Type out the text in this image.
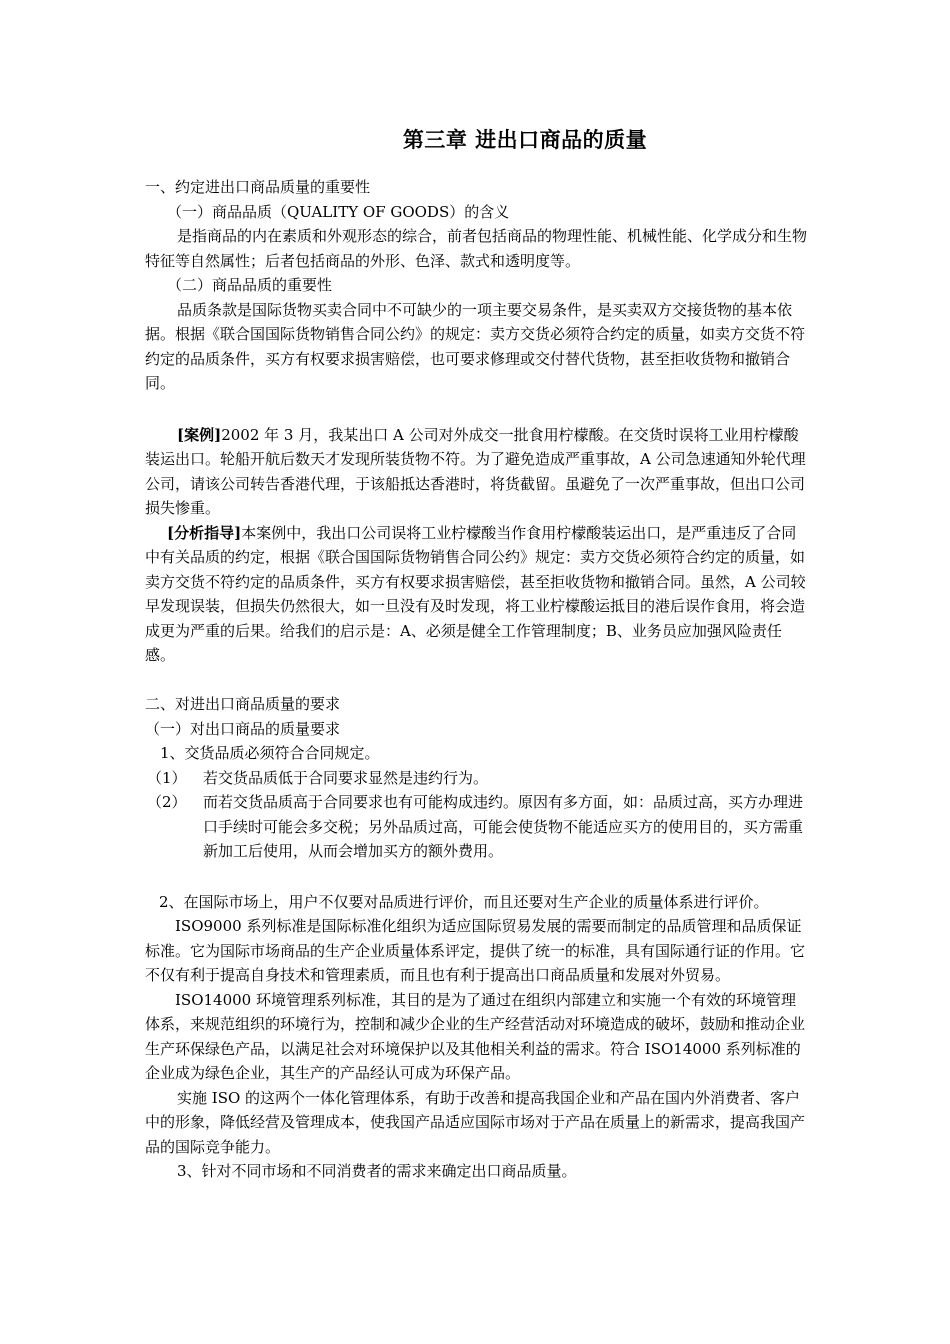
第三章 进出口商品的质量

一、约定进出口商品质量的重要性

（一）商品品质（QUALITY OF GOODS）的含义

是指商品的内在素质和外观形态的综合，前者包括商品的物理性能、机械性能、化学成分和生物特征等自然属性；后者包括商品的外形、色泽、款式和透明度等。

（二）商品品质的重要性

品质条款是国际货物买卖合同中不可缺少的一项主要交易条件，是买卖双方交接货物的基本依据。根据《联合国国际货物销售合同公约》的规定：卖方交货必须符合约定的质量，如卖方交货不符约定的品质条件，买方有权要求损害赔偿，也可要求修理或交付替代货物，甚至拒收货物和撤销合同。

[案例]2002 年 3 月，我某出口 A 公司对外成交一批食用柠檬酸。在交货时误将工业用柠檬酸装运出口。轮船开航后数天才发现所装货物不符。为了避免造成严重事故，A 公司急速通知外轮代理公司，请该公司转告香港代理，于该船抵达香港时，将货截留。虽避免了一次严重事故，但出口公司损失惨重。

[分析指导]本案例中，我出口公司误将工业柠檬酸当作食用柠檬酸装运出口，是严重违反了合同中有关品质的约定，根据《联合国国际货物销售合同公约》规定：卖方交货必须符合约定的质量，如卖方交货不符约定的品质条件，买方有权要求损害赔偿，甚至拒收货物和撤销合同。虽然，A 公司较早发现误装，但损失仍然很大，如一旦没有及时发现，将工业柠檬酸运抵目的港后误作食用，将会造成更为严重的后果。给我们的启示是：A、必须是健全工作管理制度；B、业务员应加强风险责任感。

二、对进出口商品质量的要求

（一）对出口商品的质量要求

1、交货品质必须符合合同规定。

（1）	若交货品质低于合同要求显然是违约行为。
（2）	而若交货品质高于合同要求也有可能构成违约。原因有多方面，如：品质过高，买方办理进口手续时可能会多交税；另外品质过高，可能会使货物不能适应买方的使用目的，买方需重新加工后使用，从而会增加买方的额外费用。

2、在国际市场上，用户不仅要对品质进行评价，而且还要对生产企业的质量体系进行评价。

ISO9000 系列标准是国际标准化组织为适应国际贸易发展的需要而制定的品质管理和品质保证标准。它为国际市场商品的生产企业质量体系评定，提供了统一的标准，具有国际通行证的作用。它不仅有利于提高自身技术和管理素质，而且也有利于提高出口商品质量和发展对外贸易。

ISO14000 环境管理系列标准，其目的是为了通过在组织内部建立和实施一个有效的环境管理体系，来规范组织的环境行为，控制和减少企业的生产经营活动对环境造成的破坏，鼓励和推动企业生产环保绿色产品，以满足社会对环境保护以及其他相关利益的需求。符合 ISO14000 系列标准的企业成为绿色企业，其生产的产品经认可成为环保产品。

实施 ISO 的这两个一体化管理体系，有助于改善和提高我国企业和产品在国内外消费者、客户中的形象，降低经营及管理成本，使我国产品适应国际市场对于产品在质量上的新需求，提高我国产品的国际竞争能力。

3、针对不同市场和不同消费者的需求来确定出口商品质量。
